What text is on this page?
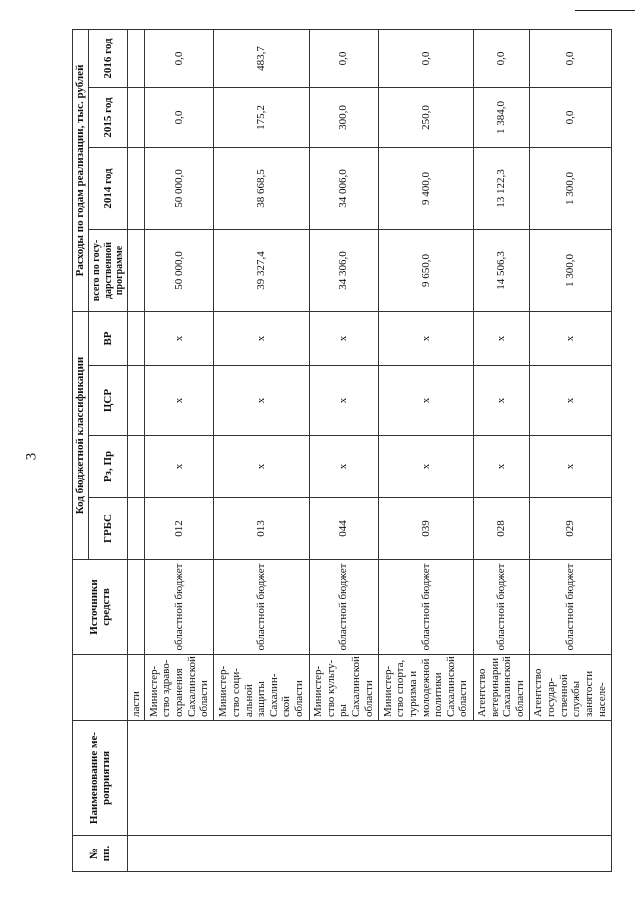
3
№ пп.	Наименование мероприятия		Источники средств	Код бюджетной классификации				Расходы по годам реализации, тыс. рублей			
				ГРБС	Рз, Пр	ЦСР	ВР	всего по государственной программе	2014 год	2015 год	2016 год

		ласти									
		Министерство здравоохранения Сахалинской области	областной бюджет	012	х	х	х	50 000,0	50 000,0	0,0	0,0
		Министерство социальной защиты Сахалинской области	областной бюджет	013	х	х	х	39 327,4	38 668,5	175,2	483,7
		Министерство культуры Сахалинской области	областной бюджет	044	х	х	х	34 306,0	34 006,0	300,0	0,0
		Министерство спорта, туризма и молодежной политики Сахалинской области	областной бюджет	039	х	х	х	9 650,0	9 400,0	250,0	0,0
		Агентство ветеринарии Сахалинской области	областной бюджет	028	х	х	х	14 506,3	13 122,3	1 384,0	0,0
		Агентство государственной службы занятости населе-	областной бюджет	029	х	х	х	1 300,0	1 300,0	0,0	0,0
